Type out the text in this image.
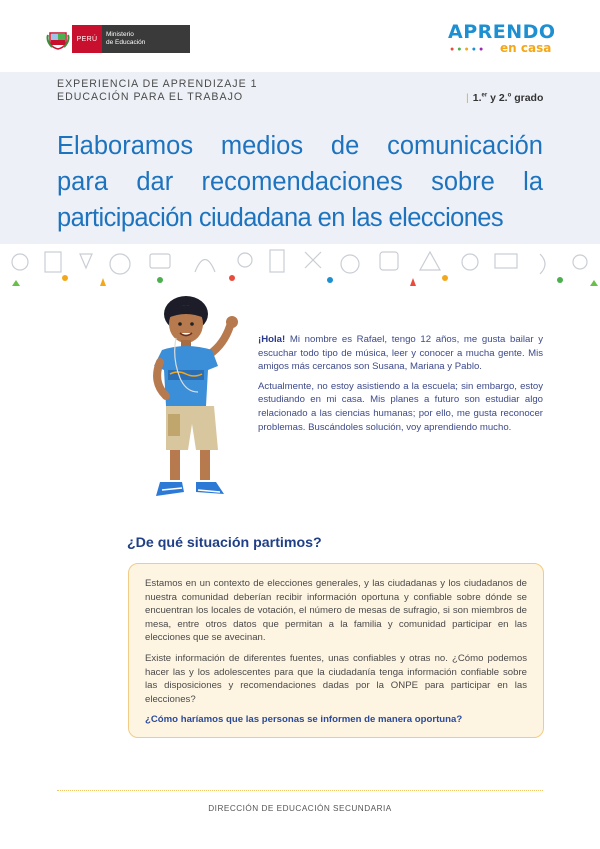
PERÚ
Ministerio
de Educación	APRENDO
●●●●● en casa
EXPERIENCIA DE APRENDIZAJE 1
EDUCACIÓN PARA EL TRABAJO	| 1.$^{er}$ y 2.$^o$ grado
Elaboramos medios de comunicación
para dar recomendaciones sobre la
participación ciudadana en las elecciones

¡Hola! Mi nombre es Rafael, tengo 12 años, me gusta bailar y escuchar todo tipo de música, leer y conocer a mucha gente. Mis amigos más cercanos son Susana, Mariana y Pablo.

Actualmente, no estoy asistiendo a la escuela; sin embargo, estoy estudiando en mi casa. Mis planes a futuro son estudiar algo relacionado a las ciencias humanas; por ello, me gusta reconocer problemas. Buscándoles solución, voy aprendiendo mucho.

¿De qué situación partimos?

Estamos en un contexto de elecciones generales, y las ciudadanas y los ciudadanos de nuestra comunidad deberían recibir información oportuna y confiable sobre dónde se encuentran los locales de votación, el número de mesas de sufragio, si son miembros de mesa, entre otros datos que permitan a la familia y comunidad participar en las elecciones que se avecinan.

Existe información de diferentes fuentes, unas confiables y otras no. ¿Cómo podemos hacer las y los adolescentes para que la ciudadanía tenga información confiable sobre las disposiciones y recomendaciones dadas por la ONPE para participar en las elecciones?

¿Cómo haríamos que las personas se informen de manera oportuna?

DIRECCIÓN DE EDUCACIÓN SECUNDARIA
